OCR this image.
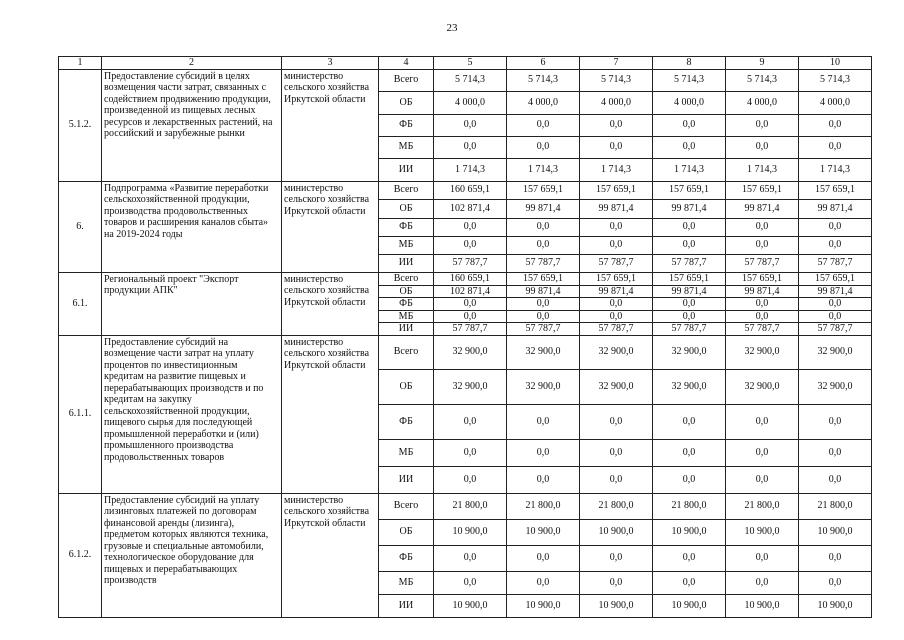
23
1	2	3	4	5	6	7	8	9	10
5.1.2.	Предоставление субсидий в целях возмещения части затрат, связанных с содействием продвижению продукции, произведенной из пищевых лесных ресурсов и лекарственных растений, на российский и зарубежные рынки	министерство сельского хозяйства Иркутской области	Всего	5 714,3	5 714,3	5 714,3	5 714,3	5 714,3	5 714,3
			ОБ	4 000,0	4 000,0	4 000,0	4 000,0	4 000,0	4 000,0
			ФБ	0,0	0,0	0,0	0,0	0,0	0,0
			МБ	0,0	0,0	0,0	0,0	0,0	0,0
			ИИ	1 714,3	1 714,3	1 714,3	1 714,3	1 714,3	1 714,3
6.	Подпрограмма «Развитие переработки сельскохозяйственной продукции, производства продовольственных товаров и расширения каналов сбыта» на 2019-2024 годы	министерство сельского хозяйства Иркутской области	Всего	160 659,1	157 659,1	157 659,1	157 659,1	157 659,1	157 659,1
			ОБ	102 871,4	99 871,4	99 871,4	99 871,4	99 871,4	99 871,4
			ФБ	0,0	0,0	0,0	0,0	0,0	0,0
			МБ	0,0	0,0	0,0	0,0	0,0	0,0
			ИИ	57 787,7	57 787,7	57 787,7	57 787,7	57 787,7	57 787,7
6.1.	Региональный проект "Экспорт продукции АПК"	министерство сельского хозяйства Иркутской области	Всего	160 659,1	157 659,1	157 659,1	157 659,1	157 659,1	157 659,1
			ОБ	102 871,4	99 871,4	99 871,4	99 871,4	99 871,4	99 871,4
			ФБ	0,0	0,0	0,0	0,0	0,0	0,0
			МБ	0,0	0,0	0,0	0,0	0,0	0,0
			ИИ	57 787,7	57 787,7	57 787,7	57 787,7	57 787,7	57 787,7
6.1.1.	Предоставление субсидий на возмещение части затрат на уплату процентов по инвестиционным кредитам на развитие пищевых и перерабатывающих производств и по кредитам на закупку сельскохозяйственной продукции, пищевого сырья для последующей промышленной переработки и (или) промышленного производства продовольственных товаров	министерство сельского хозяйства Иркутской области	Всего	32 900,0	32 900,0	32 900,0	32 900,0	32 900,0	32 900,0
			ОБ	32 900,0	32 900,0	32 900,0	32 900,0	32 900,0	32 900,0
			ФБ	0,0	0,0	0,0	0,0	0,0	0,0
			МБ	0,0	0,0	0,0	0,0	0,0	0,0
			ИИ	0,0	0,0	0,0	0,0	0,0	0,0
6.1.2.	Предоставление субсидий на уплату лизинговых платежей по договорам финансовой аренды (лизинга), предметом которых являются техника, грузовые и специальные автомобили, технологическое оборудование для пищевых и перерабатывающих производств	министерство сельского хозяйства Иркутской области	Всего	21 800,0	21 800,0	21 800,0	21 800,0	21 800,0	21 800,0
			ОБ	10 900,0	10 900,0	10 900,0	10 900,0	10 900,0	10 900,0
			ФБ	0,0	0,0	0,0	0,0	0,0	0,0
			МБ	0,0	0,0	0,0	0,0	0,0	0,0
			ИИ	10 900,0	10 900,0	10 900,0	10 900,0	10 900,0	10 900,0
